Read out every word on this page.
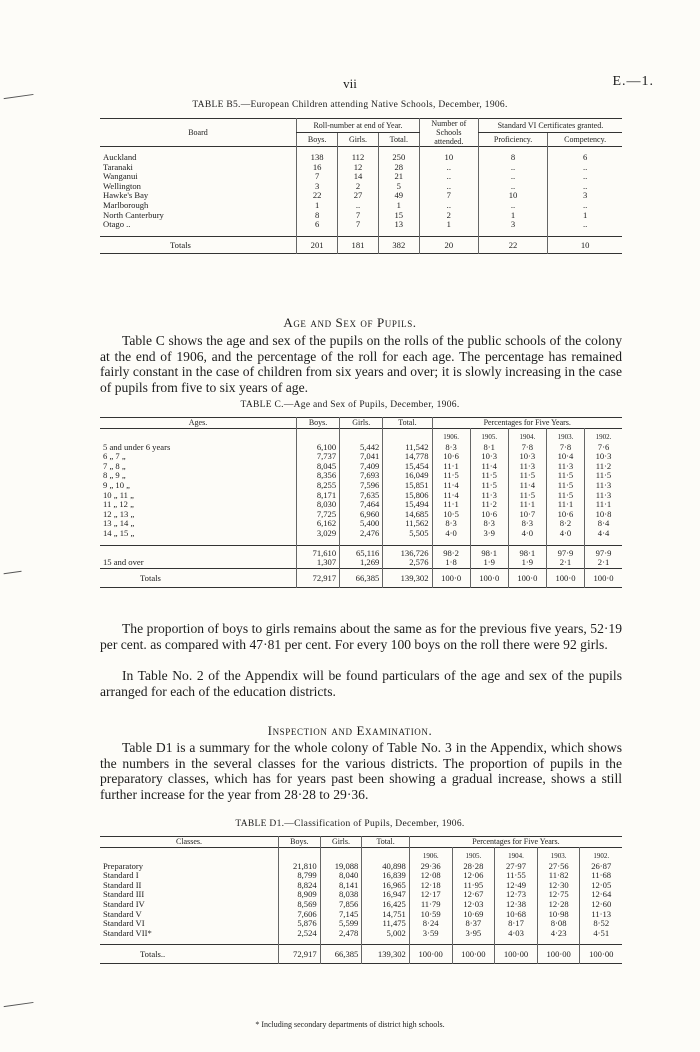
vii	E.—1.
TABLE B5.—European Children attending Native Schools, December, 1906.
Board	Roll-number at end of Year.			Number of Schools attended.	Standard VI Certificates granted.	
	Boys.	Girls.	Total.		Proficiency.	Competency.

Auckland	138	112	250	10	8	6
Taranaki	16	12	28	..	..	..
Wanganui	7	14	21	..	..	..
Wellington	3	2	5	..	..	..
Hawke's Bay	22	27	49	7	10	3
Marlborough	1	..	1	..	..	..
North Canterbury	8	7	15	2	1	1
Otago ..	6	7	13	1	3	..

Totals	201	181	382	20	22	10
Age and Sex of Pupils.
Table C shows the age and sex of the pupils on the rolls of the public schools of the colony at the end of 1906, and the percentage of the roll for each age. The percentage has remained fairly constant in the case of children from six years and over; it is slowly increasing in the case of pupils from five to six years of age.
TABLE C.—Age and Sex of Pupils, December, 1906.
Ages.	Boys.	Girls.	Total.	Percentages for Five Years.				
				1906.	1905.	1904.	1903.	1902.
5 and under 6 years	6,100	5,442	11,542	8·3	8·1	7·8	7·8	7·6
6 „ 7 „	7,737	7,041	14,778	10·6	10·3	10·3	10·4	10·3
7 „ 8 „	8,045	7,409	15,454	11·1	11·4	11·3	11·3	11·2
8 „ 9 „	8,356	7,693	16,049	11·5	11·5	11·5	11·5	11·5
9 „ 10 „	8,255	7,596	15,851	11·4	11·5	11·4	11·5	11·3
10 „ 11 „	8,171	7,635	15,806	11·4	11·3	11·5	11·5	11·3
11 „ 12 „	8,030	7,464	15,494	11·1	11·2	11·1	11·1	11·1
12 „ 13 „	7,725	6,960	14,685	10·5	10·6	10·7	10·6	10·8
13 „ 14 „	6,162	5,400	11,562	8·3	8·3	8·3	8·2	8·4
14 „ 15 „	3,029	2,476	5,505	4·0	3·9	4·0	4·0	4·4

	71,610	65,116	136,726	98·2	98·1	98·1	97·9	97·9
15 and over	1,307	1,269	2,576	1·8	1·9	1·9	2·1	2·1
Totals	72,917	66,385	139,302	100·0	100·0	100·0	100·0	100·0
The proportion of boys to girls remains about the same as for the previous five years, 52·19 per cent. as compared with 47·81 per cent. For every 100 boys on the roll there were 92 girls.
In Table No. 2 of the Appendix will be found particulars of the age and sex of the pupils arranged for each of the education districts.
Inspection and Examination.
Table D1 is a summary for the whole colony of Table No. 3 in the Appendix, which shows the numbers in the several classes for the various districts. The proportion of pupils in the preparatory classes, which has for years past been showing a gradual increase, shows a still further increase for the year from 28·28 to 29·36.
TABLE D1.—Classification of Pupils, December, 1906.
Classes.	Boys.	Girls.	Total.	Percentages for Five Years.				
				1906.	1905.	1904.	1903.	1902.
Preparatory	21,810	19,088	40,898	29·36	28·28	27·97	27·56	26·87
Standard I	8,799	8,040	16,839	12·08	12·06	11·55	11·82	11·68
Standard II	8,824	8,141	16,965	12·18	11·95	12·49	12·30	12·05
Standard III	8,909	8,038	16,947	12·17	12·67	12·73	12·75	12·64
Standard IV	8,569	7,856	16,425	11·79	12·03	12·38	12·28	12·60
Standard V	7,606	7,145	14,751	10·59	10·69	10·68	10·98	11·13
Standard VI	5,876	5,599	11,475	8·24	8·37	8·17	8·08	8·52
Standard VII*	2,524	2,478	5,002	3·59	3·95	4·03	4·23	4·51

Totals..	72,917	66,385	139,302	100·00	100·00	100·00	100·00	100·00
* Including secondary departments of district high schools.
